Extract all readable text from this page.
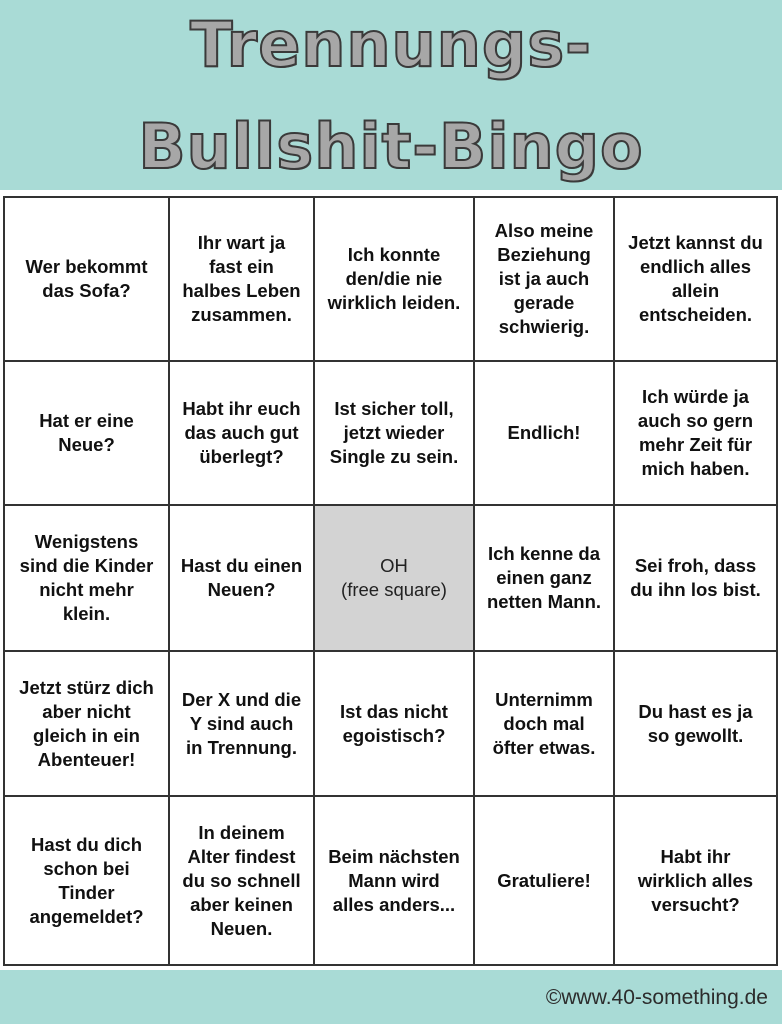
Trennungs-
Bullshit-Bingo
Wer bekommt
das Sofa?
Ihr wart ja
fast ein
halbes Leben
zusammen.
Ich konnte
den/die nie
wirklich leiden.
Also meine
Beziehung
ist ja auch
gerade
schwierig.
Jetzt kannst du
endlich alles
allein
entscheiden.
Hat er eine
Neue?
Habt ihr euch
das auch gut
überlegt?
Ist sicher toll,
jetzt wieder
Single zu sein.
Endlich!
Ich würde ja
auch so gern
mehr Zeit für
mich haben.
Wenigstens
sind die Kinder
nicht mehr
klein.
Hast du einen
Neuen?
OH
(free square)
Ich kenne da
einen ganz
netten Mann.
Sei froh, dass
du ihn los bist.
Jetzt stürz dich
aber nicht
gleich in ein
Abenteuer!
Der X und die
Y sind auch
in Trennung.
Ist das nicht
egoistisch?
Unternimm
doch mal
öfter etwas.
Du hast es ja
so gewollt.
Hast du dich
schon bei
Tinder
angemeldet?
In deinem
Alter findest
du so schnell
aber keinen
Neuen.
Beim nächsten
Mann wird
alles anders...
Gratuliere!
Habt ihr
wirklich alles
versucht?
©www.40-something.de
